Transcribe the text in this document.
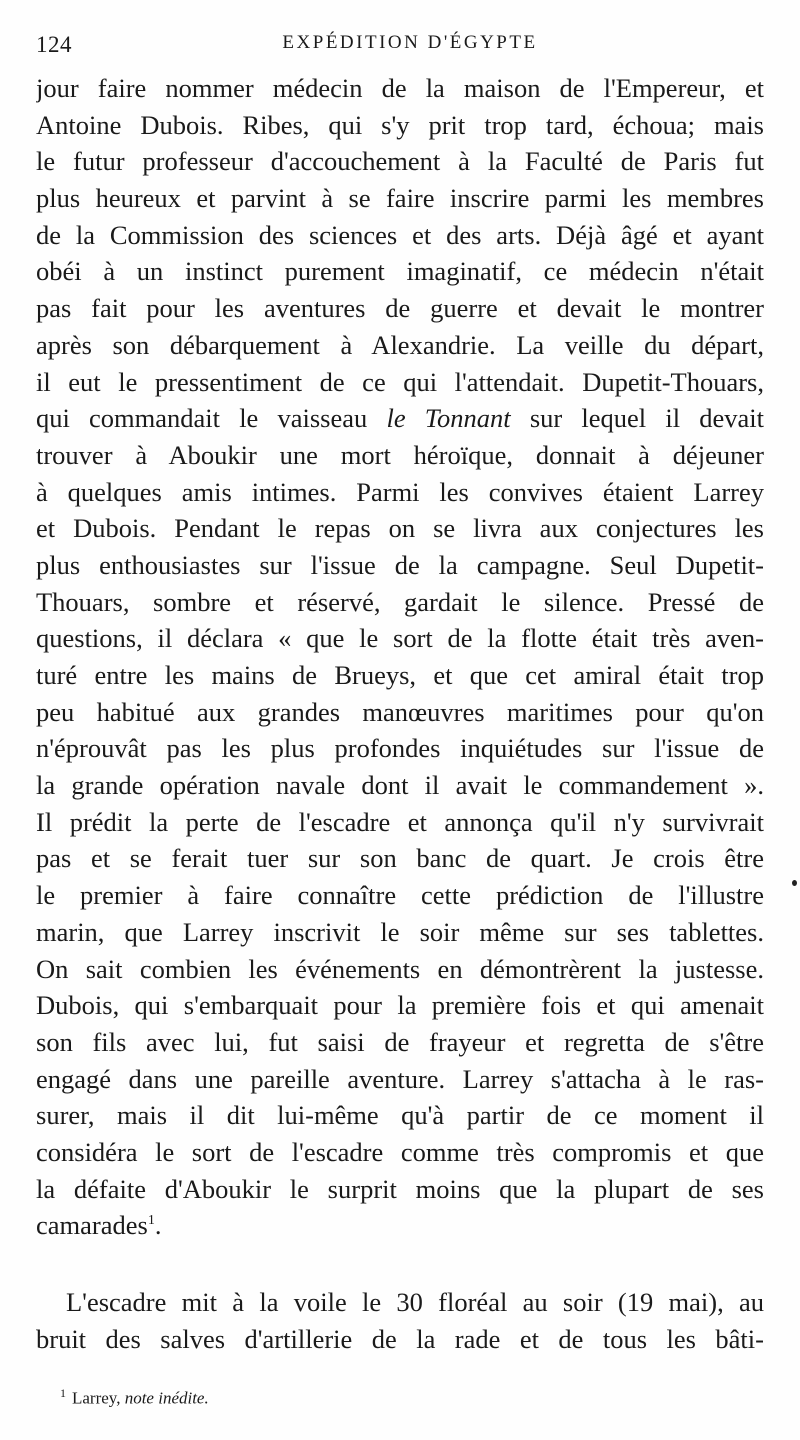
124	EXPÉDITION D'ÉGYPTE
jour faire nommer médecin de la maison de l'Empereur, et
Antoine Dubois. Ribes, qui s'y prit trop tard, échoua; mais
le futur professeur d'accouchement à la Faculté de Paris fut
plus heureux et parvint à se faire inscrire parmi les membres
de la Commission des sciences et des arts. Déjà âgé et ayant
obéi à un instinct purement imaginatif, ce médecin n'était
pas fait pour les aventures de guerre et devait le montrer
après son débarquement à Alexandrie. La veille du départ,
il eut le pressentiment de ce qui l'attendait. Dupetit-Thouars,
qui commandait le vaisseau le Tonnant sur lequel il devait
trouver à Aboukir une mort héroïque, donnait à déjeuner
à quelques amis intimes. Parmi les convives étaient Larrey
et Dubois. Pendant le repas on se livra aux conjectures les
plus enthousiastes sur l'issue de la campagne. Seul Dupetit-
Thouars, sombre et réservé, gardait le silence. Pressé de
questions, il déclara « que le sort de la flotte était très aven-
turé entre les mains de Brueys, et que cet amiral était trop
peu habitué aux grandes manœuvres maritimes pour qu'on
n'éprouvât pas les plus profondes inquiétudes sur l'issue de
la grande opération navale dont il avait le commandement ».
Il prédit la perte de l'escadre et annonça qu'il n'y survivrait
pas et se ferait tuer sur son banc de quart. Je crois être
le premier à faire connaître cette prédiction de l'illustre
marin, que Larrey inscrivit le soir même sur ses tablettes.
On sait combien les événements en démontrèrent la justesse.
Dubois, qui s'embarquait pour la première fois et qui amenait
son fils avec lui, fut saisi de frayeur et regretta de s'être
engagé dans une pareille aventure. Larrey s'attacha à le ras-
surer, mais il dit lui-même qu'à partir de ce moment il
considéra le sort de l'escadre comme très compromis et que
la défaite d'Aboukir le surprit moins que la plupart de ses
camarades$^1$.
L'escadre mit à la voile le 30 floréal au soir (19 mai), au
bruit des salves d'artillerie de la rade et de tous les bâti-
$^1$ Larrey, note inédite.
